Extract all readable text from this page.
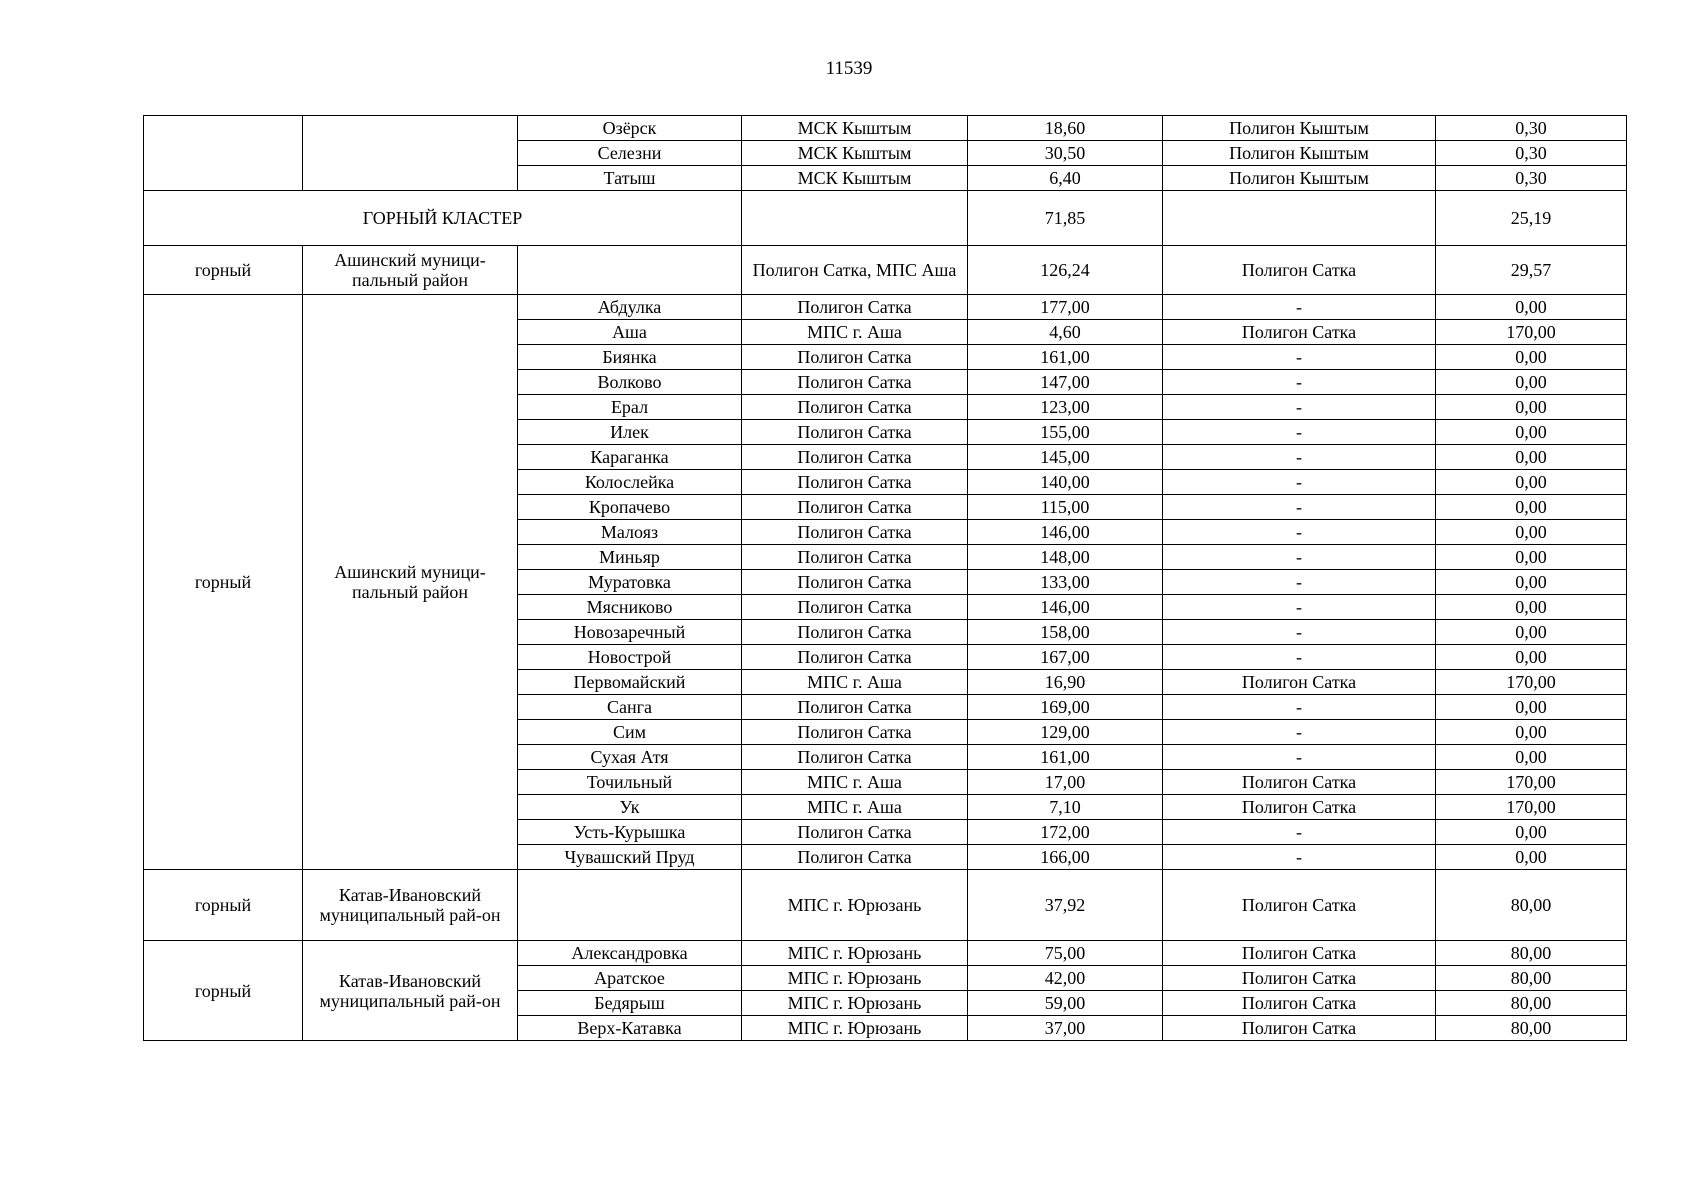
11539
		Озёрск	МСК Кыштым	18,60	Полигон Кыштым	0,30
		Селезни	МСК Кыштым	30,50	Полигон Кыштым	0,30
		Татыш	МСК Кыштым	6,40	Полигон Кыштым	0,30
ГОРНЫЙ КЛАСТЕР				71,85		25,19
горный	Ашинский муници-пальный район		Полигон Сатка, МПС Аша	126,24	Полигон Сатка	29,57
горный	Ашинский муници-пальный район	Абдулка	Полигон Сатка	177,00	-	0,00
		Аша	МПС г. Аша	4,60	Полигон Сатка	170,00
		Биянка	Полигон Сатка	161,00	-	0,00
		Волково	Полигон Сатка	147,00	-	0,00
		Ерал	Полигон Сатка	123,00	-	0,00
		Илек	Полигон Сатка	155,00	-	0,00
		Караганка	Полигон Сатка	145,00	-	0,00
		Колослейка	Полигон Сатка	140,00	-	0,00
		Кропачево	Полигон Сатка	115,00	-	0,00
		Малояз	Полигон Сатка	146,00	-	0,00
		Миньяр	Полигон Сатка	148,00	-	0,00
		Муратовка	Полигон Сатка	133,00	-	0,00
		Мясниково	Полигон Сатка	146,00	-	0,00
		Новозаречный	Полигон Сатка	158,00	-	0,00
		Новострой	Полигон Сатка	167,00	-	0,00
		Первомайский	МПС г. Аша	16,90	Полигон Сатка	170,00
		Санга	Полигон Сатка	169,00	-	0,00
		Сим	Полигон Сатка	129,00	-	0,00
		Сухая Атя	Полигон Сатка	161,00	-	0,00
		Точильный	МПС г. Аша	17,00	Полигон Сатка	170,00
		Ук	МПС г. Аша	7,10	Полигон Сатка	170,00
		Усть-Курышка	Полигон Сатка	172,00	-	0,00
		Чувашский Пруд	Полигон Сатка	166,00	-	0,00
горный	Катав-Ивановский муниципальный рай-он		МПС г. Юрюзань	37,92	Полигон Сатка	80,00
горный	Катав-Ивановский муниципальный рай-он	Александровка	МПС г. Юрюзань	75,00	Полигон Сатка	80,00
		Аратское	МПС г. Юрюзань	42,00	Полигон Сатка	80,00
		Бедярыш	МПС г. Юрюзань	59,00	Полигон Сатка	80,00
		Верх-Катавка	МПС г. Юрюзань	37,00	Полигон Сатка	80,00
